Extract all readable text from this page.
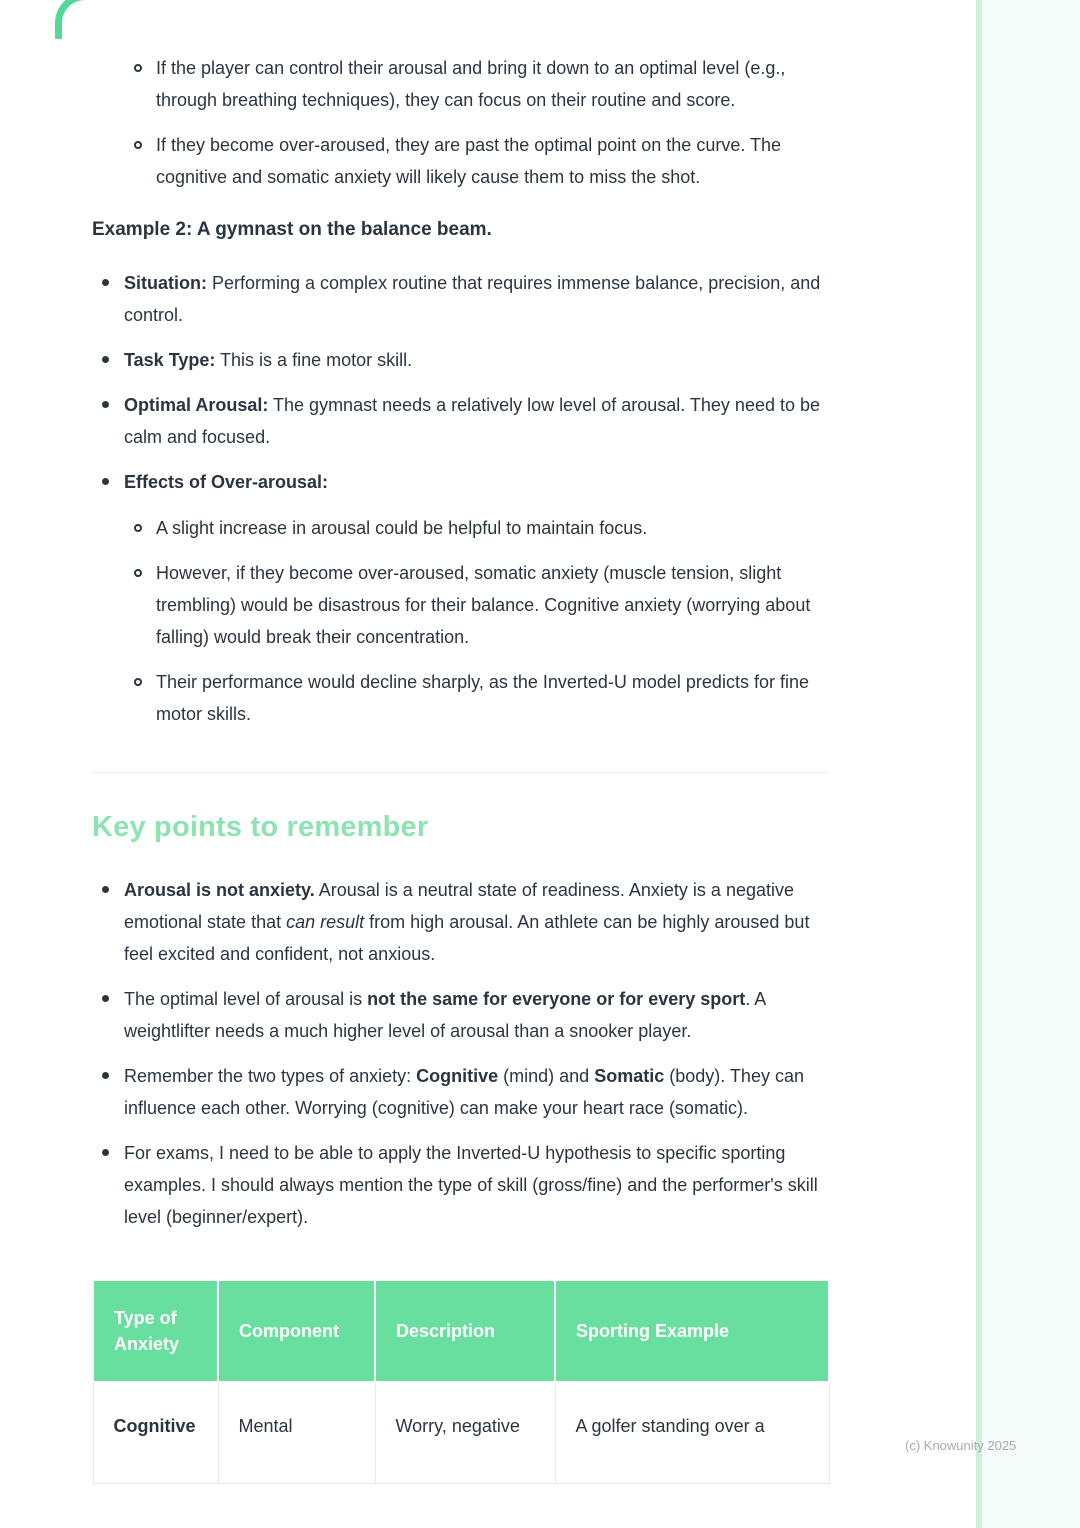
If the player can control their arousal and bring it down to an optimal level (e.g., through breathing techniques), they can focus on their routine and score.
If they become over-aroused, they are past the optimal point on the curve. The cognitive and somatic anxiety will likely cause them to miss the shot.
Example 2: A gymnast on the balance beam.
Situation: Performing a complex routine that requires immense balance, precision, and control.
Task Type: This is a fine motor skill.
Optimal Arousal: The gymnast needs a relatively low level of arousal. They need to be calm and focused.
Effects of Over-arousal:
A slight increase in arousal could be helpful to maintain focus.
However, if they become over-aroused, somatic anxiety (muscle tension, slight trembling) would be disastrous for their balance. Cognitive anxiety (worrying about falling) would break their concentration.
Their performance would decline sharply, as the Inverted-U model predicts for fine motor skills.
Key points to remember
Arousal is not anxiety. Arousal is a neutral state of readiness. Anxiety is a negative emotional state that can result from high arousal. An athlete can be highly aroused but feel excited and confident, not anxious.
The optimal level of arousal is not the same for everyone or for every sport. A weightlifter needs a much higher level of arousal than a snooker player.
Remember the two types of anxiety: Cognitive (mind) and Somatic (body). They can influence each other. Worrying (cognitive) can make your heart race (somatic).
For exams, I need to be able to apply the Inverted-U hypothesis to specific sporting examples. I should always mention the type of skill (gross/fine) and the performer's skill level (beginner/expert).
Type of Anxiety	Component	Description	Sporting Example
Cognitive	Mental	Worry, negative	A golfer standing over a
(c) Knowunity 2025
